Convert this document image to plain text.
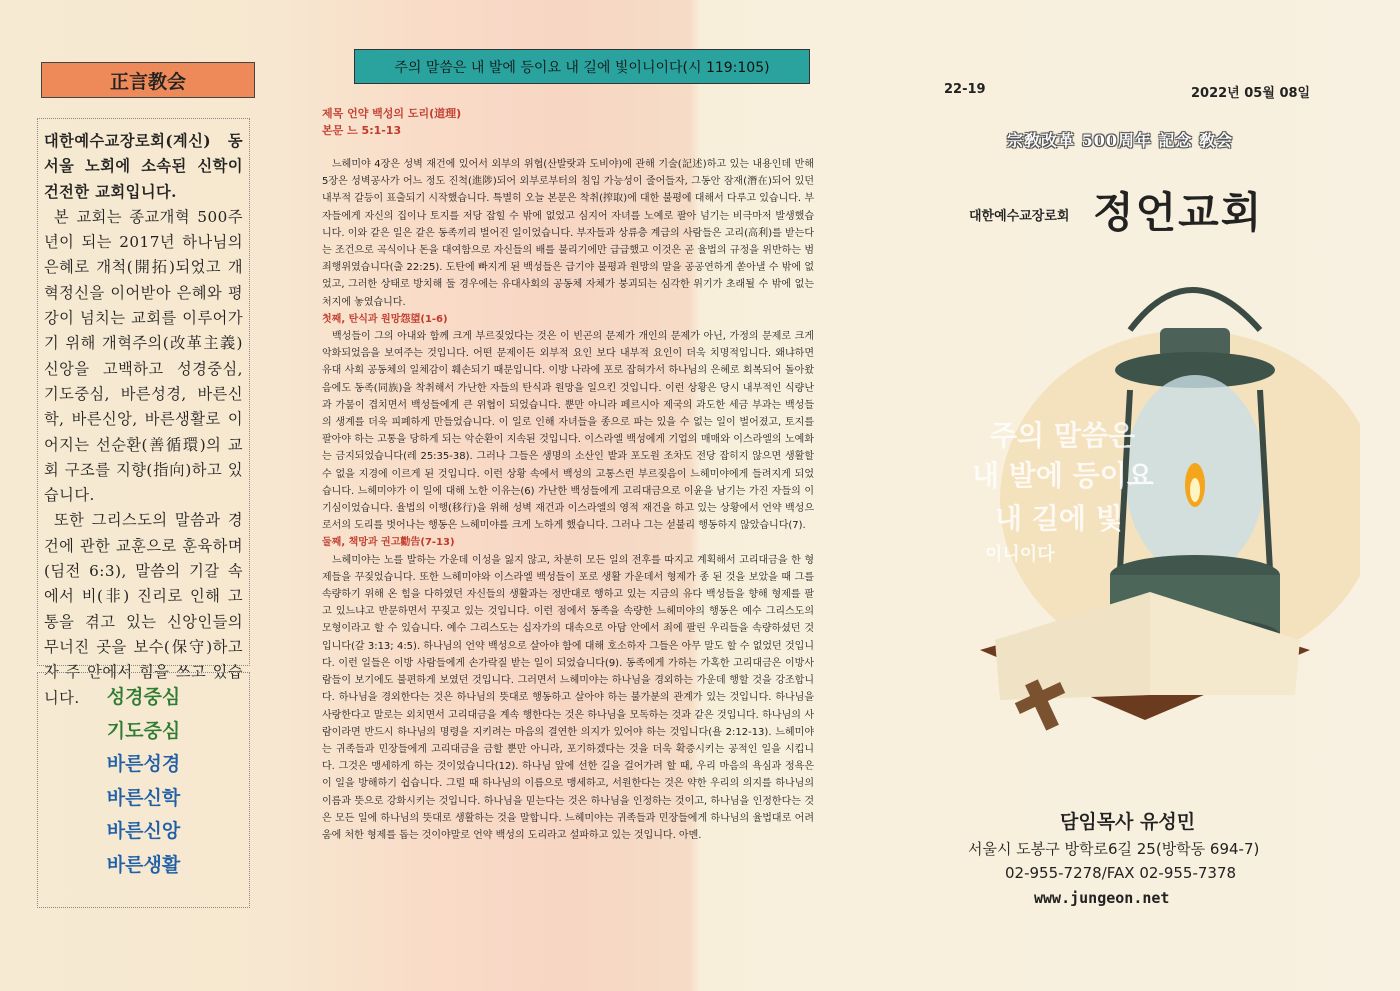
正言教会

대한예수교장로회(계신) 동서울 노회에 소속된 신학이 건전한 교회입니다.

본 교회는 종교개혁 500주년이 되는 2017년 하나님의 은혜로 개척(開拓)되었고 개혁정신을 이어받아 은혜와 평강이 넘치는 교회를 이루어가기 위해 개혁주의(改革主義) 신앙을 고백하고 성경중심, 기도중심, 바른성경, 바른신학, 바른신앙, 바른생활로 이어지는 선순환(善循環)의 교회 구조를 지향(指向)하고 있습니다.

또한 그리스도의 말씀과 경건에 관한 교훈으로 훈육하며(딤전 6:3), 말씀의 기갈 속에서 비(非) 진리로 인해 고통을 겪고 있는 신앙인들의 무너진 곳을 보수(保守)하고자 주 안에서 힘을 쓰고 있습니다.	성경중심
기도중심
바른성경
바른신학
바른신앙
바른생활
주의 말씀은 내 발에 등이요 내 길에 빛이니이다(시 119:105)
제목 언약 백성의 도리(道理)
본문 느 5:1-13

느헤미야 4장은 성벽 재건에 있어서 외부의 위협(산발랏과 도비야)에 관해 기술(記述)하고 있는 내용인데 반해 5장은 성벽공사가 어느 정도 진척(進陟)되어 외부로부터의 침입 가능성이 줄어들자, 그동안 잠재(潛在)되어 있던 내부적 갈등이 표출되기 시작했습니다. 특별히 오늘 본문은 착취(搾取)에 대한 불평에 대해서 다루고 있습니다. 부자들에게 자신의 집이나 토지를 저당 잡힐 수 밖에 없었고 심지어 자녀를 노예로 팔아 넘기는 비극마저 발생했습니다. 이와 같은 일은 같은 동족끼리 벌어진 일이었습니다. 부자들과 상류층 계급의 사람들은 고리(高利)를 받는다는 조건으로 곡식이나 돈을 대여함으로 자신들의 배를 불리기에만 급급했고 이것은 곧 율법의 규정을 위반하는 범죄행위였습니다(출 22:25). 도탄에 빠지게 된 백성들은 급기야 불평과 원망의 말을 공공연하게 쏟아낼 수 밖에 없었고, 그러한 상태로 방치해 둘 경우에는 유대사회의 공동체 자체가 붕괴되는 심각한 위기가 초래될 수 밖에 없는 처지에 놓였습니다.

첫째, 탄식과 원망怨望(1-6)

백성들이 그의 아내와 함께 크게 부르짖었다는 것은 이 빈곤의 문제가 개인의 문제가 아닌, 가정의 문제로 크게 악화되었음을 보여주는 것입니다. 어떤 문제이든 외부적 요인 보다 내부적 요인이 더욱 치명적입니다. 왜냐하면 유대 사회 공동체의 일체감이 훼손되기 때문입니다. 이방 나라에 포로 잡혀가서 하나님의 은혜로 회복되어 돌아왔음에도 동족(同族)을 착취해서 가난한 자들의 탄식과 원망을 일으킨 것입니다. 이런 상황은 당시 내부적인 식량난과 가뭄이 겹치면서 백성들에게 큰 위협이 되었습니다. 뿐만 아니라 페르시아 제국의 과도한 세금 부과는 백성들의 생계를 더욱 피폐하게 만들었습니다. 이 일로 인해 자녀들을 종으로 파는 있을 수 없는 일이 벌어졌고, 토지를 팔아야 하는 고통을 당하게 되는 악순환이 지속된 것입니다. 이스라엘 백성에게 기업의 매매와 이스라엘의 노예화는 금지되었습니다(레 25:35-38). 그러나 그들은 생명의 소산인 밭과 포도원 조차도 전당 잡히지 않으면 생활할 수 없을 지경에 이르게 된 것입니다. 이런 상황 속에서 백성의 고통스런 부르짖음이 느헤미야에게 들려지게 되었습니다. 느헤미야가 이 일에 대해 노한 이유는(6) 가난한 백성들에게 고리대금으로 이윤을 남기는 가진 자들의 이기심이었습니다. 율법의 이행(移行)을 위해 성벽 재건과 이스라엘의 영적 재건을 하고 있는 상황에서 언약 백성으로서의 도리를 벗어나는 행동은 느헤미야를 크게 노하게 했습니다. 그러나 그는 섣불리 행동하지 않았습니다(7).

둘째, 책망과 권고勸告(7-13)

느헤미야는 노를 발하는 가운데 이성을 잃지 않고, 차분히 모든 일의 전후를 따지고 계획해서 고리대금을 한 형제들을 꾸짖었습니다. 또한 느헤미야와 이스라엘 백성들이 포로 생활 가운데서 형제가 종 된 것을 보았을 때 그를 속량하기 위해 온 힘을 다하였던 자신들의 생활과는 정반대로 행하고 있는 지금의 유다 백성들을 향해 형제를 팔고 있느냐고 반문하면서 꾸짖고 있는 것입니다. 이런 점에서 동족을 속량한 느헤미야의 행동은 예수 그리스도의 모형이라고 할 수 있습니다. 예수 그리스도는 십자가의 대속으로 아담 안에서 죄에 팔린 우리들을 속량하셨던 것입니다(갈 3:13; 4:5). 하나님의 언약 백성으로 살아야 함에 대해 호소하자 그들은 아무 말도 할 수 없었던 것입니다. 이런 일들은 이방 사람들에게 손가락질 받는 일이 되었습니다(9). 동족에게 가하는 가혹한 고리대금은 이방사람들이 보기에도 불편하게 보였던 것입니다. 그러면서 느헤미야는 하나님을 경외하는 가운데 행할 것을 강조합니다. 하나님을 경외한다는 것은 하나님의 뜻대로 행동하고 살아야 하는 불가분의 관계가 있는 것입니다. 하나님을 사랑한다고 말로는 외치면서 고리대금을 계속 행한다는 것은 하나님을 모독하는 것과 같은 것입니다. 하나님의 사람이라면 반드시 하나님의 명령을 지키려는 마음의 결연한 의지가 있어야 하는 것입니다(욜 2:12-13). 느헤미야는 귀족들과 민장들에게 고리대금을 금할 뿐만 아니라, 포기하겠다는 것을 더욱 확증시키는 공적인 일을 시킵니다. 그것은 맹세하게 하는 것이었습니다(12). 하나님 앞에 선한 길을 걸어가려 할 때, 우리 마음의 욕심과 정욕은 이 일을 방해하기 쉽습니다. 그럴 때 하나님의 이름으로 맹세하고, 서원한다는 것은 약한 우리의 의지를 하나님의 이름과 뜻으로 강화시키는 것입니다. 하나님을 믿는다는 것은 하나님을 인정하는 것이고, 하나님을 인정한다는 것은 모든 일에 하나님의 뜻대로 생활하는 것을 말합니다. 느헤미야는 귀족들과 민장들에게 하나님의 율법대로 어려움에 처한 형제를 돕는 것이야말로 언약 백성의 도리라고 설파하고 있는 것입니다. 아멘.

22-19	2022년 05월 08일
宗敎改革 500周年 記念 敎会
대한예수교장로회 정언교회
주의 말씀은
내 발에 등이요
내 길에 빛
이니이다
담임목사 유성민
서울시 도봉구 방학로6길 25(방학동 694-7)
02-955-7278/FAX 02-955-7378
www.jungeon.net
